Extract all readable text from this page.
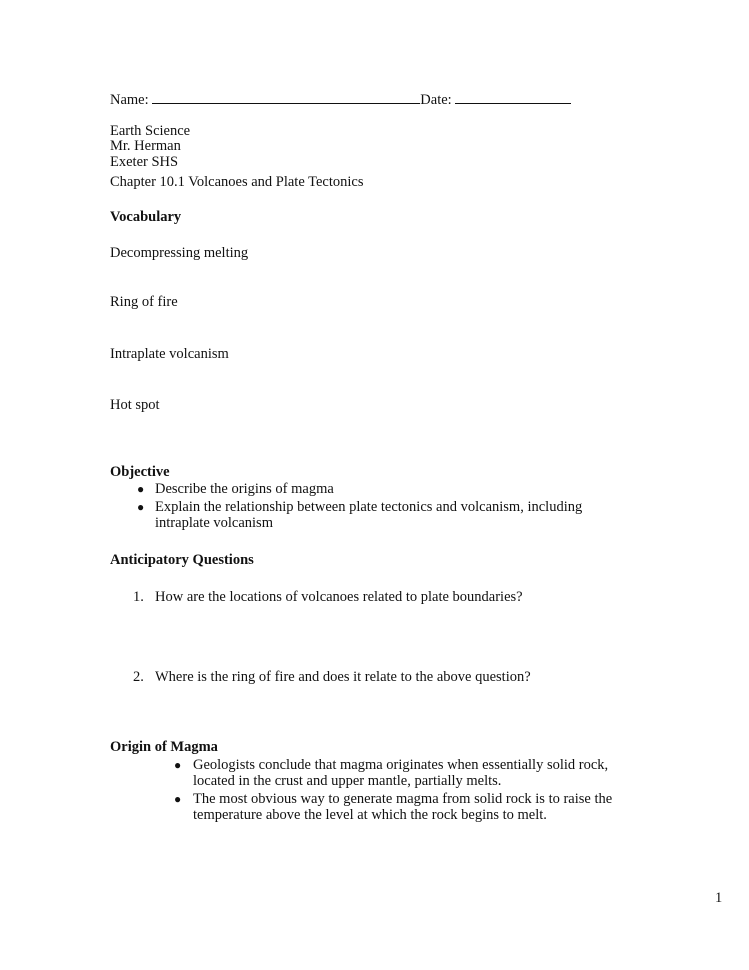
Name:	Date:
Earth Science
Mr. Herman
Exeter SHS
Chapter 10.1 Volcanoes and Plate Tectonics
Vocabulary
Decompressing melting
Ring of fire
Intraplate volcanism
Hot spot
Objective
● Describe the origins of magma
● Explain the relationship between plate tectonics and volcanism, including
intraplate volcanism
Anticipatory Questions
1. How are the locations of volcanoes related to plate boundaries?
2. Where is the ring of fire and does it relate to the above question?
Origin of Magma
● Geologists conclude that magma originates when essentially solid rock,
located in the crust and upper mantle, partially melts.
● The most obvious way to generate magma from solid rock is to raise the
temperature above the level at which the rock begins to melt.
1
